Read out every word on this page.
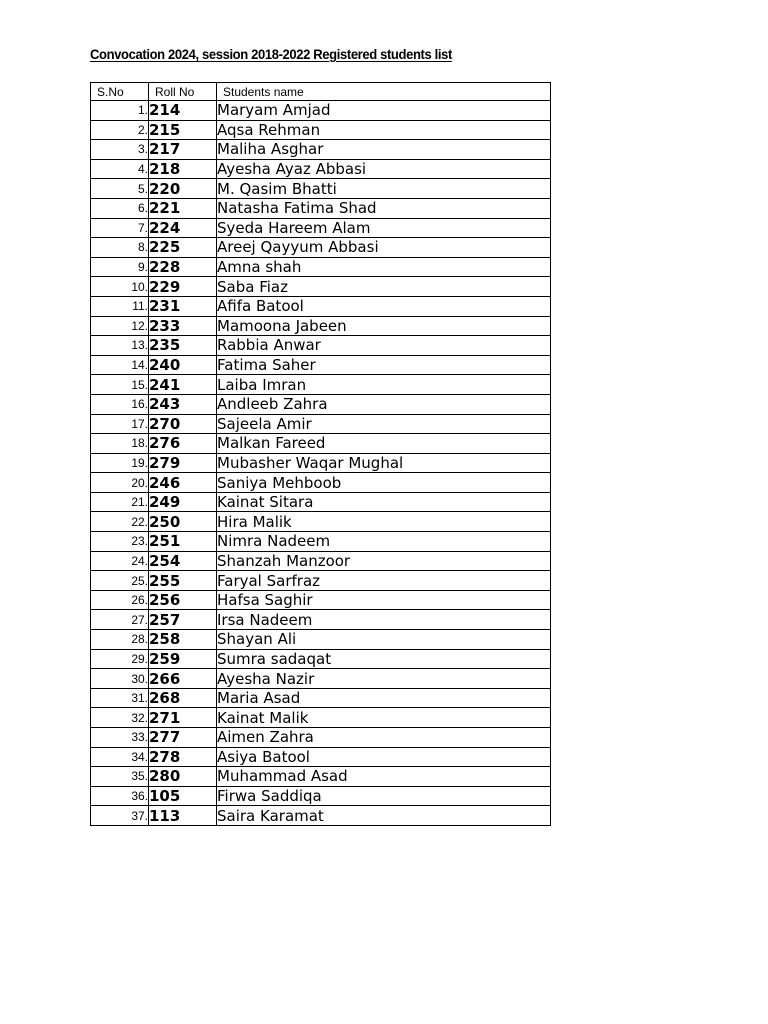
Convocation 2024, session 2018-2022 Registered students list
S.No	Roll No	Students name
1.	214	Maryam Amjad
2.	215	Aqsa Rehman
3.	217	Maliha Asghar
4.	218	Ayesha Ayaz Abbasi
5.	220	M. Qasim Bhatti
6.	221	Natasha Fatima Shad
7.	224	Syeda Hareem Alam
8.	225	Areej Qayyum Abbasi
9.	228	Amna shah
10.	229	Saba Fiaz
11.	231	Afifa Batool
12.	233	Mamoona Jabeen
13.	235	Rabbia Anwar
14.	240	Fatima Saher
15.	241	Laiba Imran
16.	243	Andleeb Zahra
17.	270	Sajeela Amir
18.	276	Malkan Fareed
19.	279	Mubasher Waqar Mughal
20.	246	Saniya Mehboob
21.	249	Kainat Sitara
22.	250	Hira Malik
23.	251	Nimra Nadeem
24.	254	Shanzah Manzoor
25.	255	Faryal Sarfraz
26.	256	Hafsa Saghir
27.	257	Irsa Nadeem
28.	258	Shayan Ali
29.	259	Sumra sadaqat
30.	266	Ayesha Nazir
31.	268	Maria Asad
32.	271	Kainat Malik
33.	277	Aimen Zahra
34.	278	Asiya Batool
35.	280	Muhammad Asad
36.	105	Firwa Saddiqa
37.	113	Saira Karamat
